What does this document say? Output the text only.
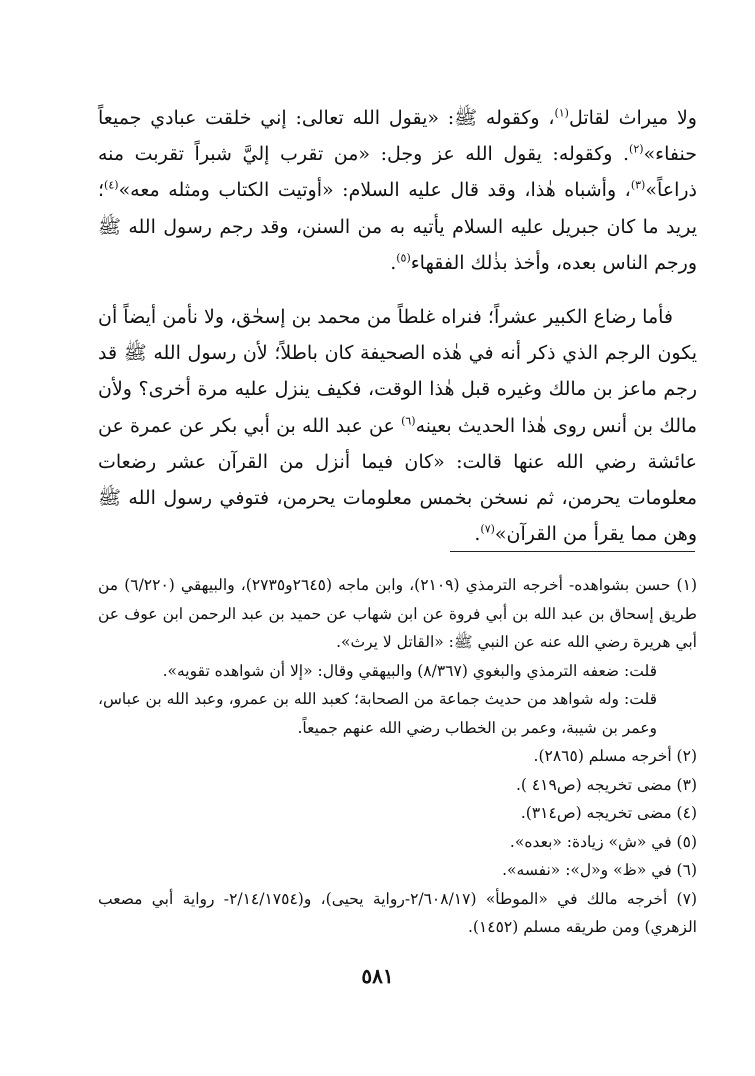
ولا ميراث لقاتل$^{(١)}$، وكقوله ﷺ: «يقول الله تعالى: إني خلقت عبادي جميعاً حنفاء»$^{(٢)}$. وكقوله: يقول الله عز وجل: «من تقرب إليَّ شبراً تقربت منه ذراعاً»$^{(٣)}$، وأشباه هٰذا، وقد قال عليه السلام: «أوتيت الكتاب ومثله معه»$^{(٤)}$؛ يريد ما كان جبريل عليه السلام يأتيه به من السنن، وقد رجم رسول الله ﷺ ورجم الناس بعده، وأخذ بذٰلك الفقهاء$^{(٥)}$.

فأما رضاع الكبير عشراً؛ فنراه غلطاً من محمد بن إسحٰق، ولا نأمن أيضاً أن يكون الرجم الذي ذكر أنه في هٰذه الصحيفة كان باطلاً؛ لأن رسول الله ﷺ قد رجم ماعز بن مالك وغيره قبل هٰذا الوقت، فكيف ينزل عليه مرة أخرى؟ ولأن مالك بن أنس روى هٰذا الحديث بعينه$^{(٦)}$ عن عبد الله بن أبي بكر عن عمرة عن عائشة رضي الله عنها قالت: «كان فيما أنزل من القرآن عشر رضعات معلومات يحرمن، ثم نسخن بخمس معلومات يحرمن، فتوفي رسول الله ﷺ وهن مما يقرأ من القرآن»$^{(٧)}$.

(١) حسن بشواهده- أخرجه الترمذي (٢١٠٩)، وابن ماجه (٢٦٤٥و٢٧٣٥)، والبيهقي (٦/٢٢٠) من طريق إسحاق بن عبد الله بن أبي فروة عن ابن شهاب عن حميد بن عبد الرحمن ابن عوف عن أبي هريرة رضي الله عنه عن النبي ﷺ: «القاتل لا يرث».

قلت: ضعفه الترمذي والبغوي (٨/٣٦٧) والبيهقي وقال: «إلا أن شواهده تقويه».

قلت: وله شواهد من حديث جماعة من الصحابة؛ كعبد الله بن عمرو، وعبد الله بن عباس، وعمر بن شيبة، وعمر بن الخطاب رضي الله عنهم جميعاً.

(٢) أخرجه مسلم (٢٨٦٥).

(٣) مضى تخريجه (ص٤١٩ ).

(٤) مضى تخريجه (ص٣١٤).

(٥) في «ش» زيادة: «بعده».

(٦) في «ظ» و«ل»: «نفسه».

(٧) أخرجه مالك في «الموطأ» (٢/٦٠٨/١٧-رواية يحيى)، و(٢/١٤/١٧٥٤- رواية أبي مصعب الزهري) ومن طريقه مسلم (١٤٥٢).

٥٨١
